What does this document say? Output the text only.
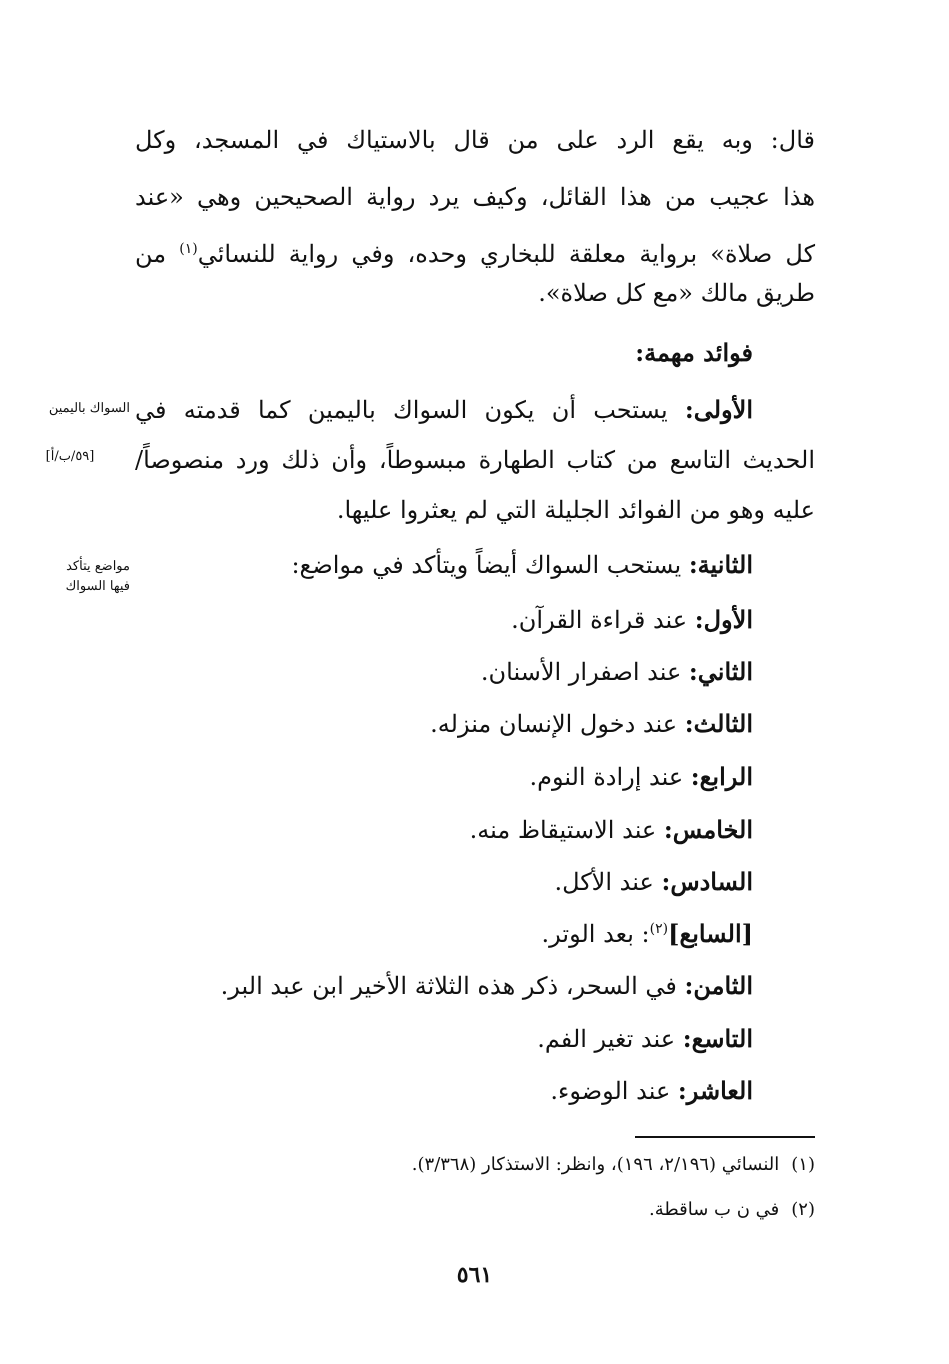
قال: وبه يقع الرد على من قال بالاستياك في المسجد، وكل
هذا عجيب من هذا القائل، وكيف يرد رواية الصحيحين وهي «عند
كل صلاة» برواية معلقة للبخاري وحده، وفي رواية للنسائي$^{(١)}$ من
طريق مالك «مع كل صلاة».
فوائد مهمة:
الأولى: يستحب أن يكون السواك باليمين كما قدمته في
الحديث التاسع من كتاب الطهارة مبسوطاً، وأن ذلك ورد منصوصاً/
عليه وهو من الفوائد الجليلة التي لم يعثروا عليها.
الثانية: يستحب السواك أيضاً ويتأكد في مواضع:
الأول: عند قراءة القرآن.
الثاني: عند اصفرار الأسنان.
الثالث: عند دخول الإنسان منزله.
الرابع: عند إرادة النوم.
الخامس: عند الاستيقاظ منه.
السادس: عند الأكل.
[السابع]$^{(٢)}$: بعد الوتر.
الثامن: في السحر، ذكر هذه الثلاثة الأخير ابن عبد البر.
التاسع: عند تغير الفم.
العاشر: عند الوضوء.
السواك باليمين
[٥٩/ب/أ]
مواضع يتأكد
فيها السواك
(١)النسائي (٢/١٩٦، ١٩٦)، وانظر: الاستذكار (٣/٣٦٨).
(٢)في ن ب ساقطة.
٥٦١
